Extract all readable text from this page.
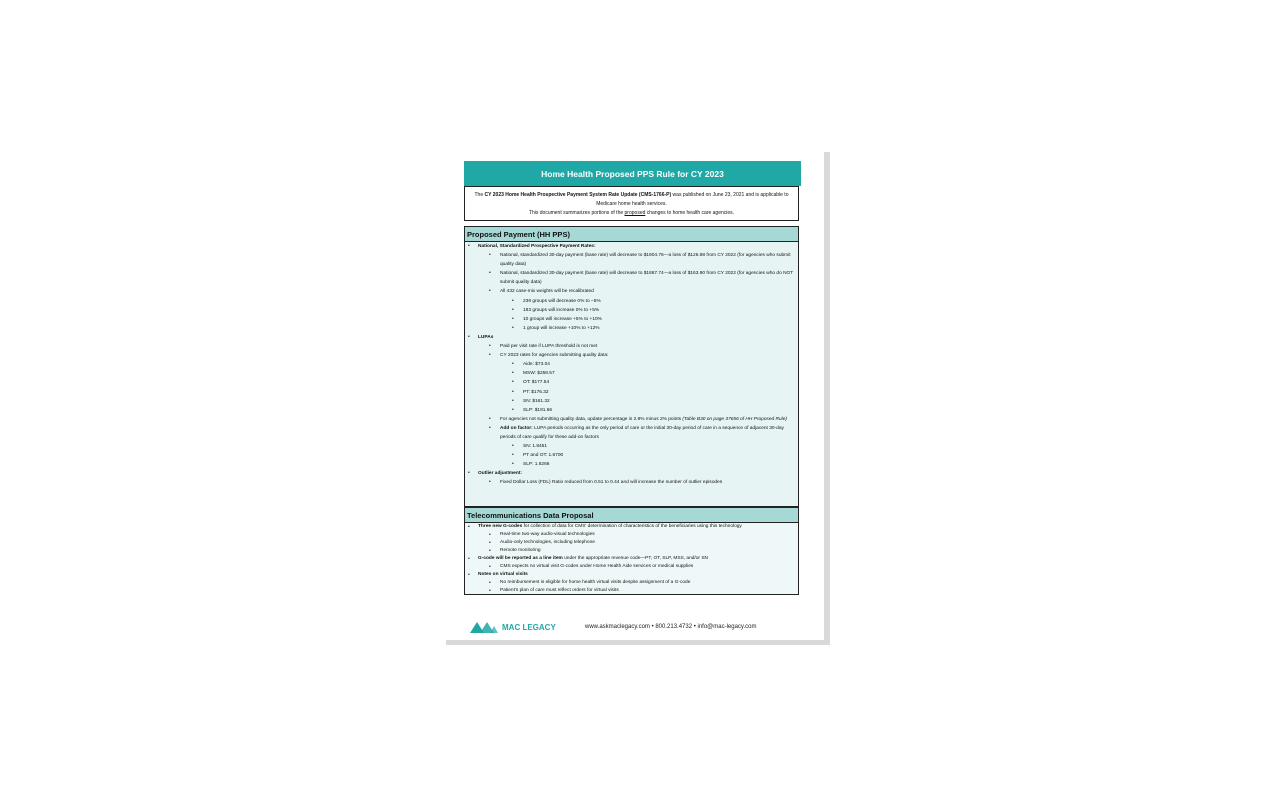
Home Health Proposed PPS Rule for CY 2023
The CY 2023 Home Health Prospective Payment System Rate Update (CMS-1766-P) was published on June 23, 2021 and is applicable to Medicare home health services.
This document summarizes portions of the proposed changes to home health care agencies.
Proposed Payment (HH PPS)
• National, Standardized Prospective Payment Rates:
• National, standardized 30-day payment (base rate) will decrease to $1904.76—a loss of $126.88 from CY 2022 (for agencies who submit quality data)
• National, standardized 30-day payment (base rate) will decrease to $1867.74—a loss of $163.90 from CY 2022 (for agencies who do NOT submit quality data)
• All 432 case-mix weights will be recalibrated
• 238 groups will decrease 0% to −5%
• 183 groups will increase 0% to +5%
• 10 groups will increase +5% to +10%
• 1 group will increase +10% to +12%
• LUPAs
• Paid per visit rate if LUPA threshold is not met
• CY 2023 rates for agencies submitting quality data:
• Aide: $73.04
• MSW: $258.57
• OT: $177.54
• PT: $176.32
• SN: $161.32
• SLP: $191.66
• For agencies not submitting quality data, update percentage is 2.9% minus 2% points (Table B30 on page 37656 of HH Proposed Rule)
• Add on factor: LUPA periods occurring as the only period of care or the initial 30-day period of care in a sequence of adjacent 30-day periods of care qualify for these add-on factors
• SN: 1.8451
• PT and OT: 1.6700
• SLP: 1.6266
• Outlier adjustment:
• Fixed Dollar Loss (FDL) Ratio reduced from 0.51 to 0.44 and will increase the number of outlier episodes
Telecommunications Data Proposal
• Three new G-codes for collection of data for CMS' determination of characteristics of the beneficiaries using this technology
• Real-time two-way audio-visual technologies
• Audio-only technologies, including telephone
• Remote monitoring
• G-code will be reported as a line item under the appropriate revenue code—PT, OT, SLP, MSS, and/or SN
• CMS expects no virtual visit G-codes under Home Health Aide services or medical supplies
• Notes on virtual visits
• No reimbursement is eligible for home health virtual visits despite assignment of a G-code
• Patient's plan of care must reflect orders for virtual visits
MAC LEGACY	www.askmaclegacy.com • 800.213.4732 • info@mac-legacy.com
